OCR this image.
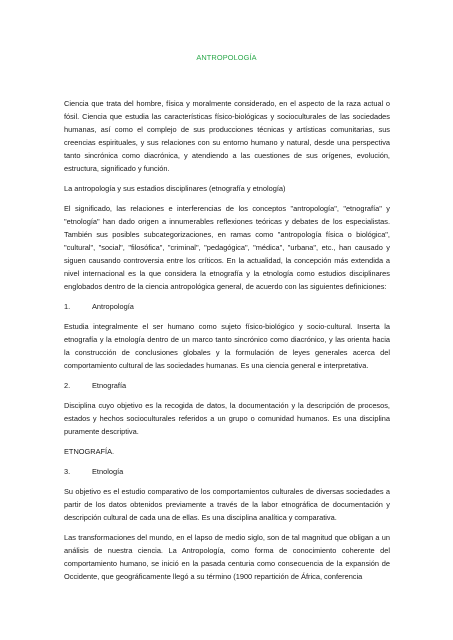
ANTROPOLOGÍA

Ciencia que trata del hombre, física y moralmente considerado, en el aspecto de la raza actual o fósil. Ciencia que estudia las características físico-biológicas y socioculturales de las sociedades humanas, así como el complejo de sus producciones técnicas y artísticas comunitarias, sus creencias espirituales, y sus relaciones con su entorno humano y natural, desde una perspectiva tanto sincrónica como diacrónica, y atendiendo a las cuestiones de sus orígenes, evolución, estructura, significado y función.

La antropología y sus estadios disciplinares (etnografía y etnología)

El significado, las relaciones e interferencias de los conceptos "antropología", "etnografía" y "etnología" han dado origen a innumerables reflexiones teóricas y debates de los especialistas. También sus posibles subcategorizaciones, en ramas como "antropología física o biológica", "cultural", "social", "filosófica", "criminal", "pedagógica", "médica", "urbana", etc., han causado y siguen causando controversia entre los críticos. En la actualidad, la concepción más extendida a nivel internacional es la que considera la etnografía y la etnología como estudios disciplinares englobados dentro de la ciencia antropológica general, de acuerdo con las siguientes definiciones:

1.	Antropología

Estudia integralmente el ser humano como sujeto físico-biológico y socio-cultural. Inserta la etnografía y la etnología dentro de un marco tanto sincrónico como diacrónico, y las orienta hacia la construcción de conclusiones globales y la formulación de leyes generales acerca del comportamiento cultural de las sociedades humanas. Es una ciencia general e interpretativa.

2.	Etnografía

Disciplina cuyo objetivo es la recogida de datos, la documentación y la descripción de procesos, estados y hechos socioculturales referidos a un grupo o comunidad humanos. Es una disciplina puramente descriptiva.

ETNOGRAFÍA.

3.	Etnología

Su objetivo es el estudio comparativo de los comportamientos culturales de diversas sociedades a partir de los datos obtenidos previamente a través de la labor etnográfica de documentación y descripción cultural de cada una de ellas. Es una disciplina analítica y comparativa.

Las transformaciones del mundo, en el lapso de medio siglo, son de tal magnitud que obligan a un análisis de nuestra ciencia. La Antropología, como forma de conocimiento coherente del comportamiento humano, se inició en la pasada centuria como consecuencia de la expansión de Occidente, que geográficamente llegó a su término (1900 repartición de África, conferencia
